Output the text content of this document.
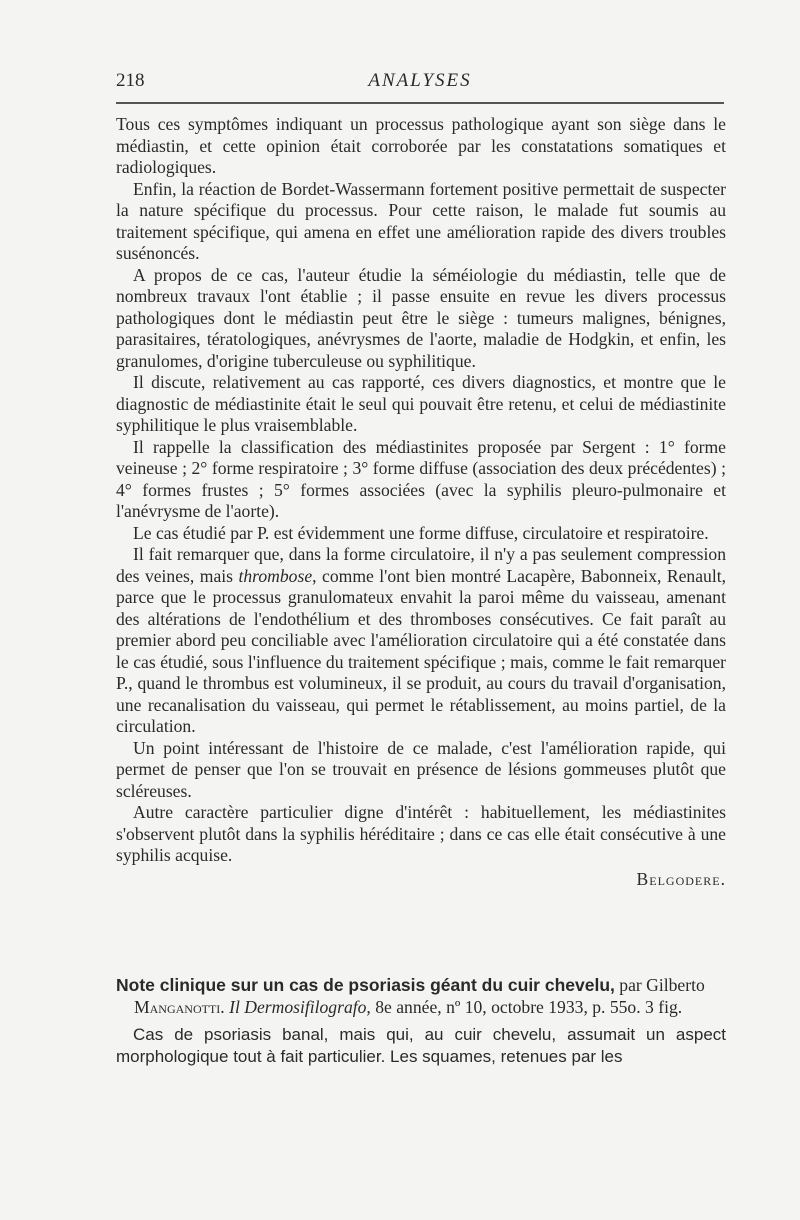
218	ANALYSES

Tous ces symptômes indiquant un processus pathologique ayant son siège dans le médiastin, et cette opinion était corroborée par les constatations somatiques et radiologiques.

Enfin, la réaction de Bordet-Wassermann fortement positive permettait de suspecter la nature spécifique du processus. Pour cette raison, le malade fut soumis au traitement spécifique, qui amena en effet une amélioration rapide des divers troubles susénoncés.

A propos de ce cas, l'auteur étudie la séméiologie du médiastin, telle que de nombreux travaux l'ont établie ; il passe ensuite en revue les divers processus pathologiques dont le médiastin peut être le siège : tumeurs malignes, bénignes, parasitaires, tératologiques, anévrysmes de l'aorte, maladie de Hodgkin, et enfin, les granulomes, d'origine tuberculeuse ou syphilitique.

Il discute, relativement au cas rapporté, ces divers diagnostics, et montre que le diagnostic de médiastinite était le seul qui pouvait être retenu, et celui de médiastinite syphilitique le plus vraisemblable.

Il rappelle la classification des médiastinites proposée par Sergent : 1° forme veineuse ; 2° forme respiratoire ; 3° forme diffuse (association des deux précédentes) ; 4° formes frustes ; 5° formes associées (avec la syphilis pleuro-pulmonaire et l'anévrysme de l'aorte).

Le cas étudié par P. est évidemment une forme diffuse, circulatoire et respiratoire.

Il fait remarquer que, dans la forme circulatoire, il n'y a pas seulement compression des veines, mais thrombose, comme l'ont bien montré Lacapère, Babonneix, Renault, parce que le processus granulomateux envahit la paroi même du vaisseau, amenant des altérations de l'endothélium et des thromboses consécutives. Ce fait paraît au premier abord peu conciliable avec l'amélioration circulatoire qui a été constatée dans le cas étudié, sous l'influence du traitement spécifique ; mais, comme le fait remarquer P., quand le thrombus est volumineux, il se produit, au cours du travail d'organisation, une recanalisation du vaisseau, qui permet le rétablissement, au moins partiel, de la circulation.

Un point intéressant de l'histoire de ce malade, c'est l'amélioration rapide, qui permet de penser que l'on se trouvait en présence de lésions gommeuses plutôt que scléreuses.

Autre caractère particulier digne d'intérêt : habituellement, les médiastinites s'observent plutôt dans la syphilis héréditaire ; dans ce cas elle était consécutive à une syphilis acquise.

Belgodere.

Note clinique sur un cas de psoriasis géant du cuir chevelu, par Gilberto Manganotti. Il Dermosifilografo, 8e année, nº 10, octobre 1933, p. 55o. 3 fig.
Cas de psoriasis banal, mais qui, au cuir chevelu, assumait un aspect morphologique tout à fait particulier. Les squames, retenues par les
